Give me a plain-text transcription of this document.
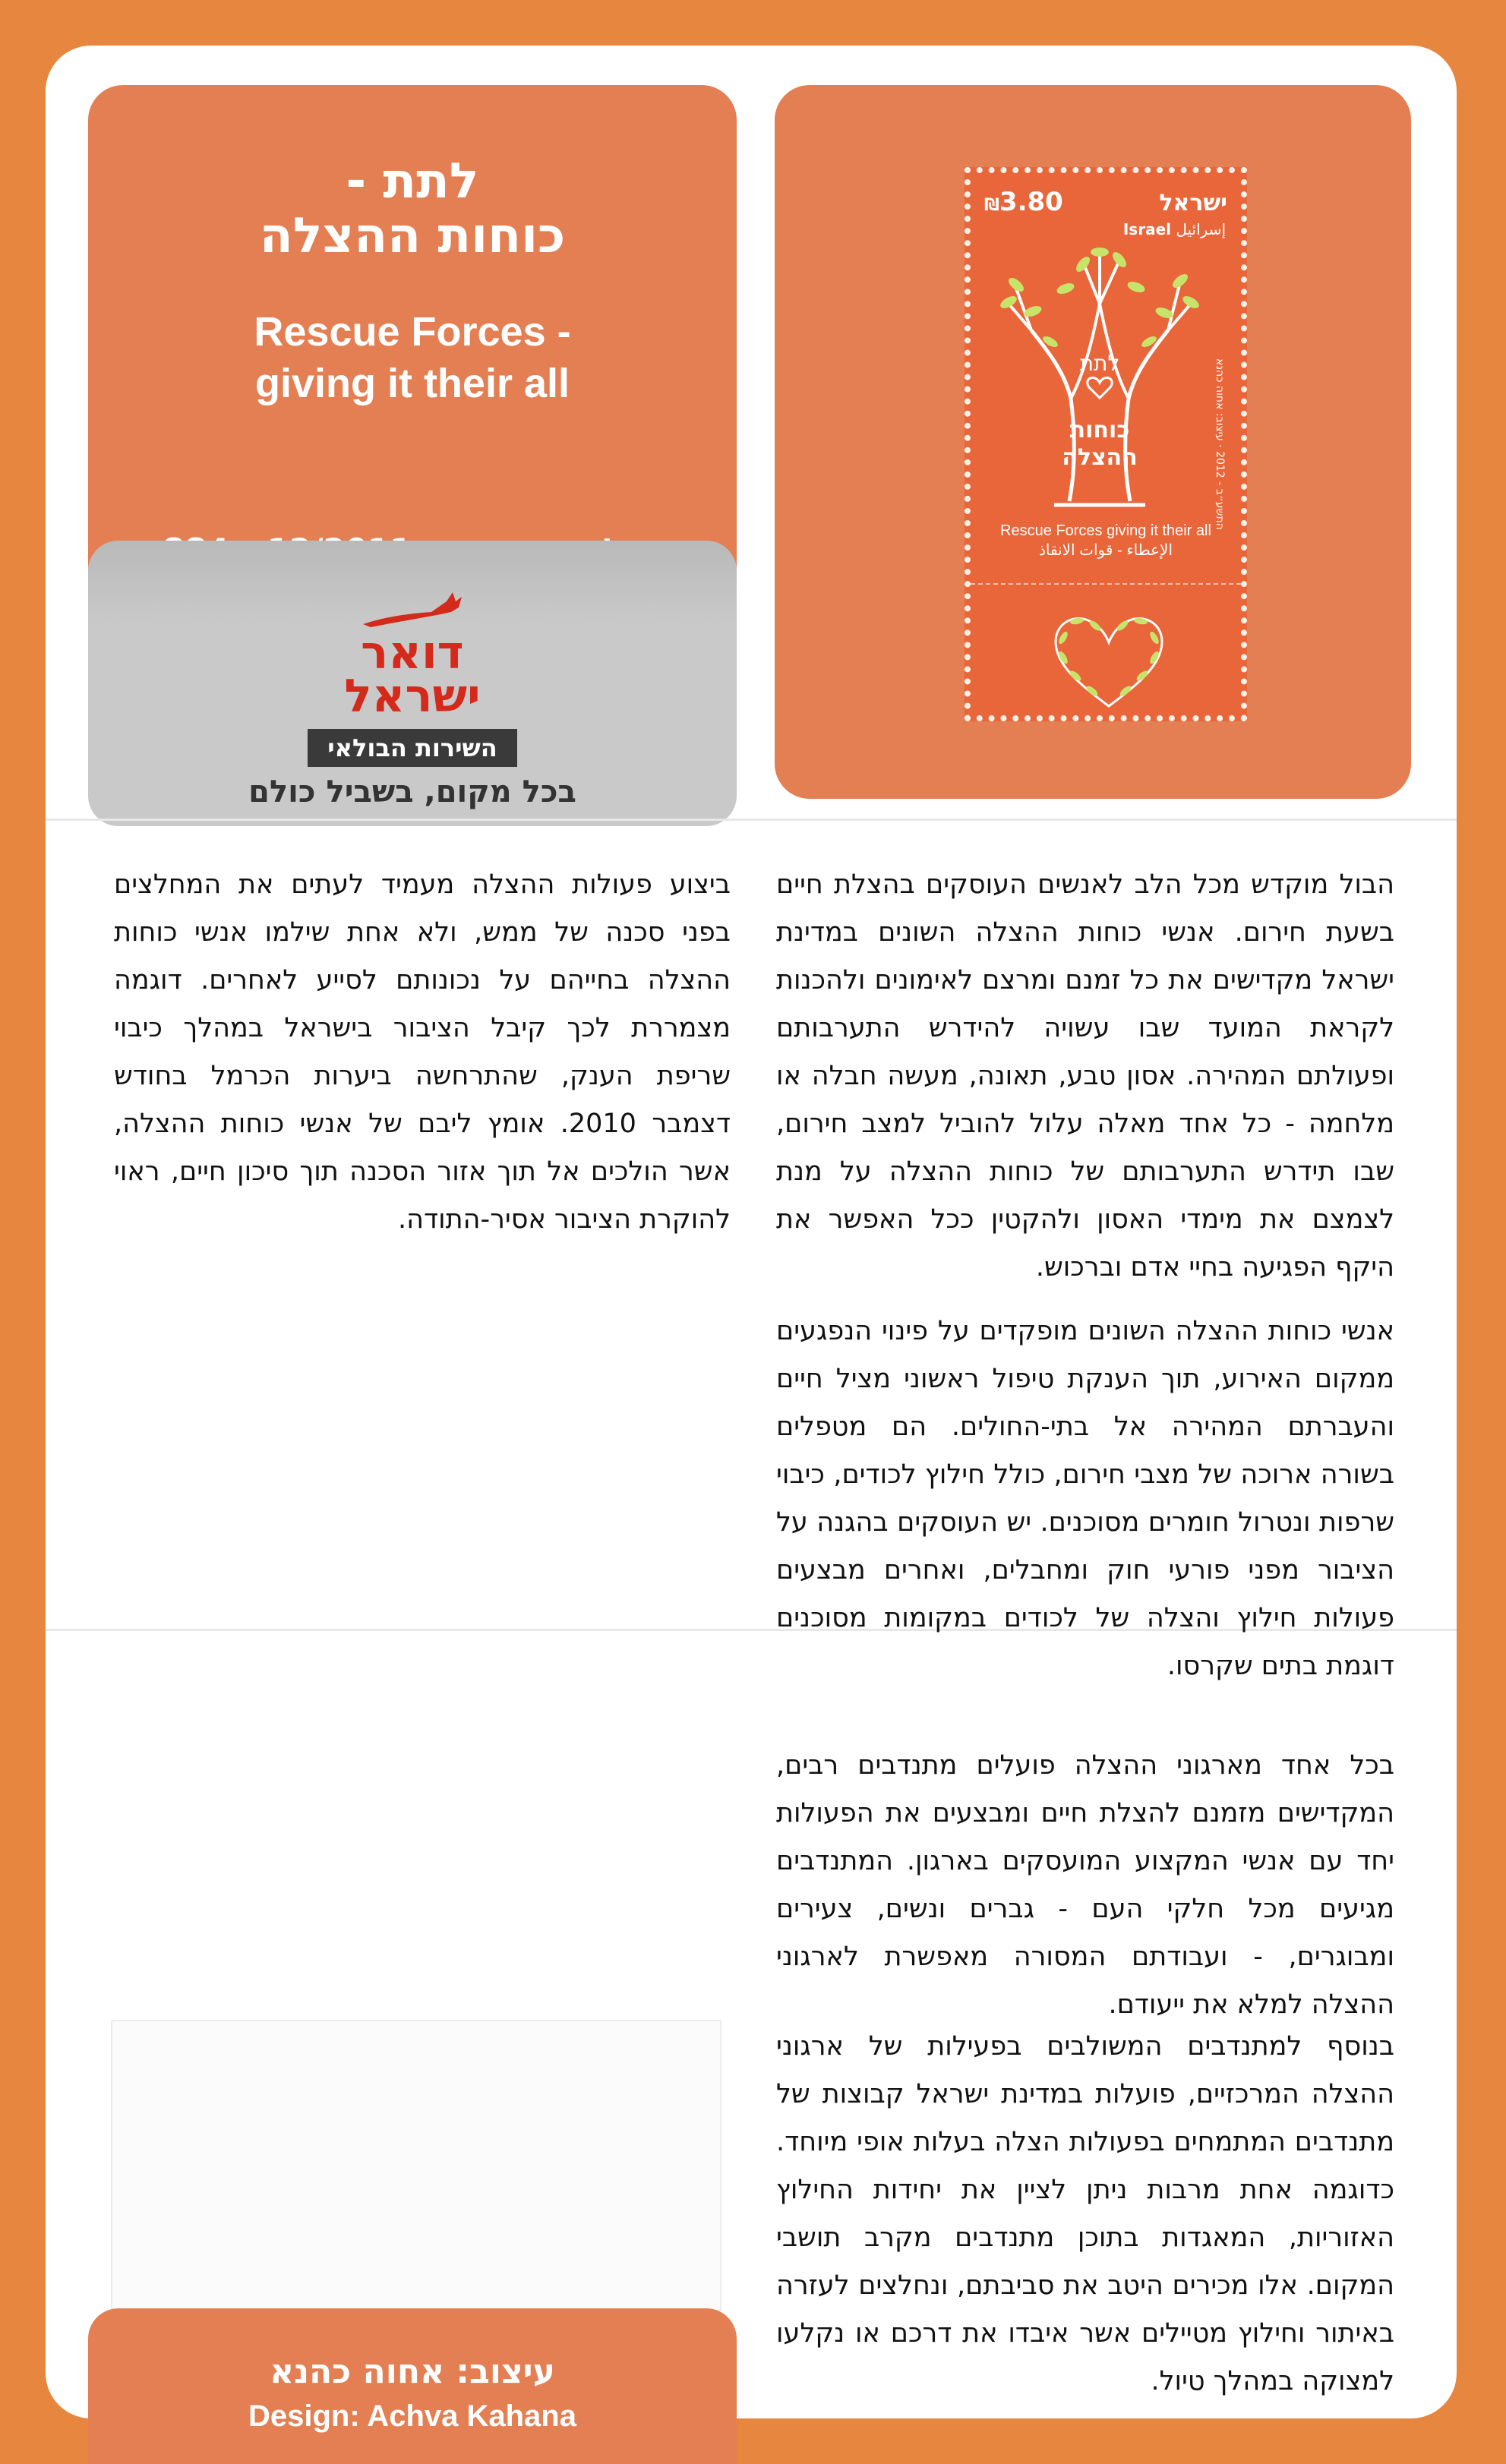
לתת -
כוחות ההצלה
Rescue Forces -
giving it their all
דואר
ישראל
השירות הבולאי
בכל מקום, בשביל כולם
₪3.80	ישראל
Israel إسرائيل
התשע״ב - 2012 · עיצוב: אחוה כהנא
לתת
כוחות
ההצלה
Rescue Forces giving it their all
الإعطاء - قوات الانقاذ
הבול מוקדש מכל הלב לאנשים העוסקים בהצלת חיים בשעת חירום. אנשי כוחות ההצלה השונים במדינת ישראל מקדישים את כל זמנם ומרצם לאימונים ולהכנות לקראת המועד שבו עשויה להידרש התערבותם ופעולתם המהירה. אסון טבע, תאונה, מעשה חבלה או מלחמה - כל אחד מאלה עלול להוביל למצב חירום, שבו תידרש התערבותם של כוחות ההצלה על מנת לצמצם את מימדי האסון ולהקטין ככל האפשר את היקף הפגיעה בחיי אדם וברכוש.
אנשי כוחות ההצלה השונים מופקדים על פינוי הנפגעים ממקום האירוע, תוך הענקת טיפול ראשוני מציל חיים והעברתם המהירה אל בתי-החולים. הם מטפלים בשורה ארוכה של מצבי חירום, כולל חילוץ לכודים, כיבוי שרפות ונטרול חומרים מסוכנים. יש העוסקים בהגנה על הציבור מפני פורעי חוק ומחבלים, ואחרים מבצעים פעולות חילוץ והצלה של לכודים במקומות מסוכנים דוגמת בתים שקרסו.
בכל אחד מארגוני ההצלה פועלים מתנדבים רבים, המקדישים מזמנם להצלת חיים ומבצעים את הפעולות יחד עם אנשי המקצוע המועסקים בארגון. המתנדבים מגיעים מכל חלקי העם - גברים ונשים, צעירים ומבוגרים, - ועבודתם המסורה מאפשרת לארגוני ההצלה למלא את ייעודם.
בנוסף למתנדבים המשולבים בפעילות של ארגוני ההצלה המרכזיים, פועלות במדינת ישראל קבוצות של מתנדבים המתמחים בפעולות הצלה בעלות אופי מיוחד. כדוגמה אחת מרבות ניתן לציין את יחידות החילוץ האזוריות, המאגדות בתוכן מתנדבים מקרב תושבי המקום. אלו מכירים היטב את סביבתם, ונחלצים לעזרה באיתור וחילוץ מטיילים אשר איבדו את דרכם או נקלעו למצוקה במהלך טיול.
ביצוע פעולות ההצלה מעמיד לעתים את המחלצים בפני סכנה של ממש, ולא אחת שילמו אנשי כוחות ההצלה בחייהם על נכונותם לסייע לאחרים. דוגמה מצמררת לכך קיבל הציבור בישראל במהלך כיבוי שריפת הענק, שהתרחשה ביערות הכרמל בחודש דצמבר 2010. אומץ ליבם של אנשי כוחות ההצלה, אשר הולכים אל תוך אזור הסכנה תוך סיכון חיים, ראוי להוקרת הציבור אסיר-התודה.
עיצוב: אחוה כהנא
Design: Achva Kahana
